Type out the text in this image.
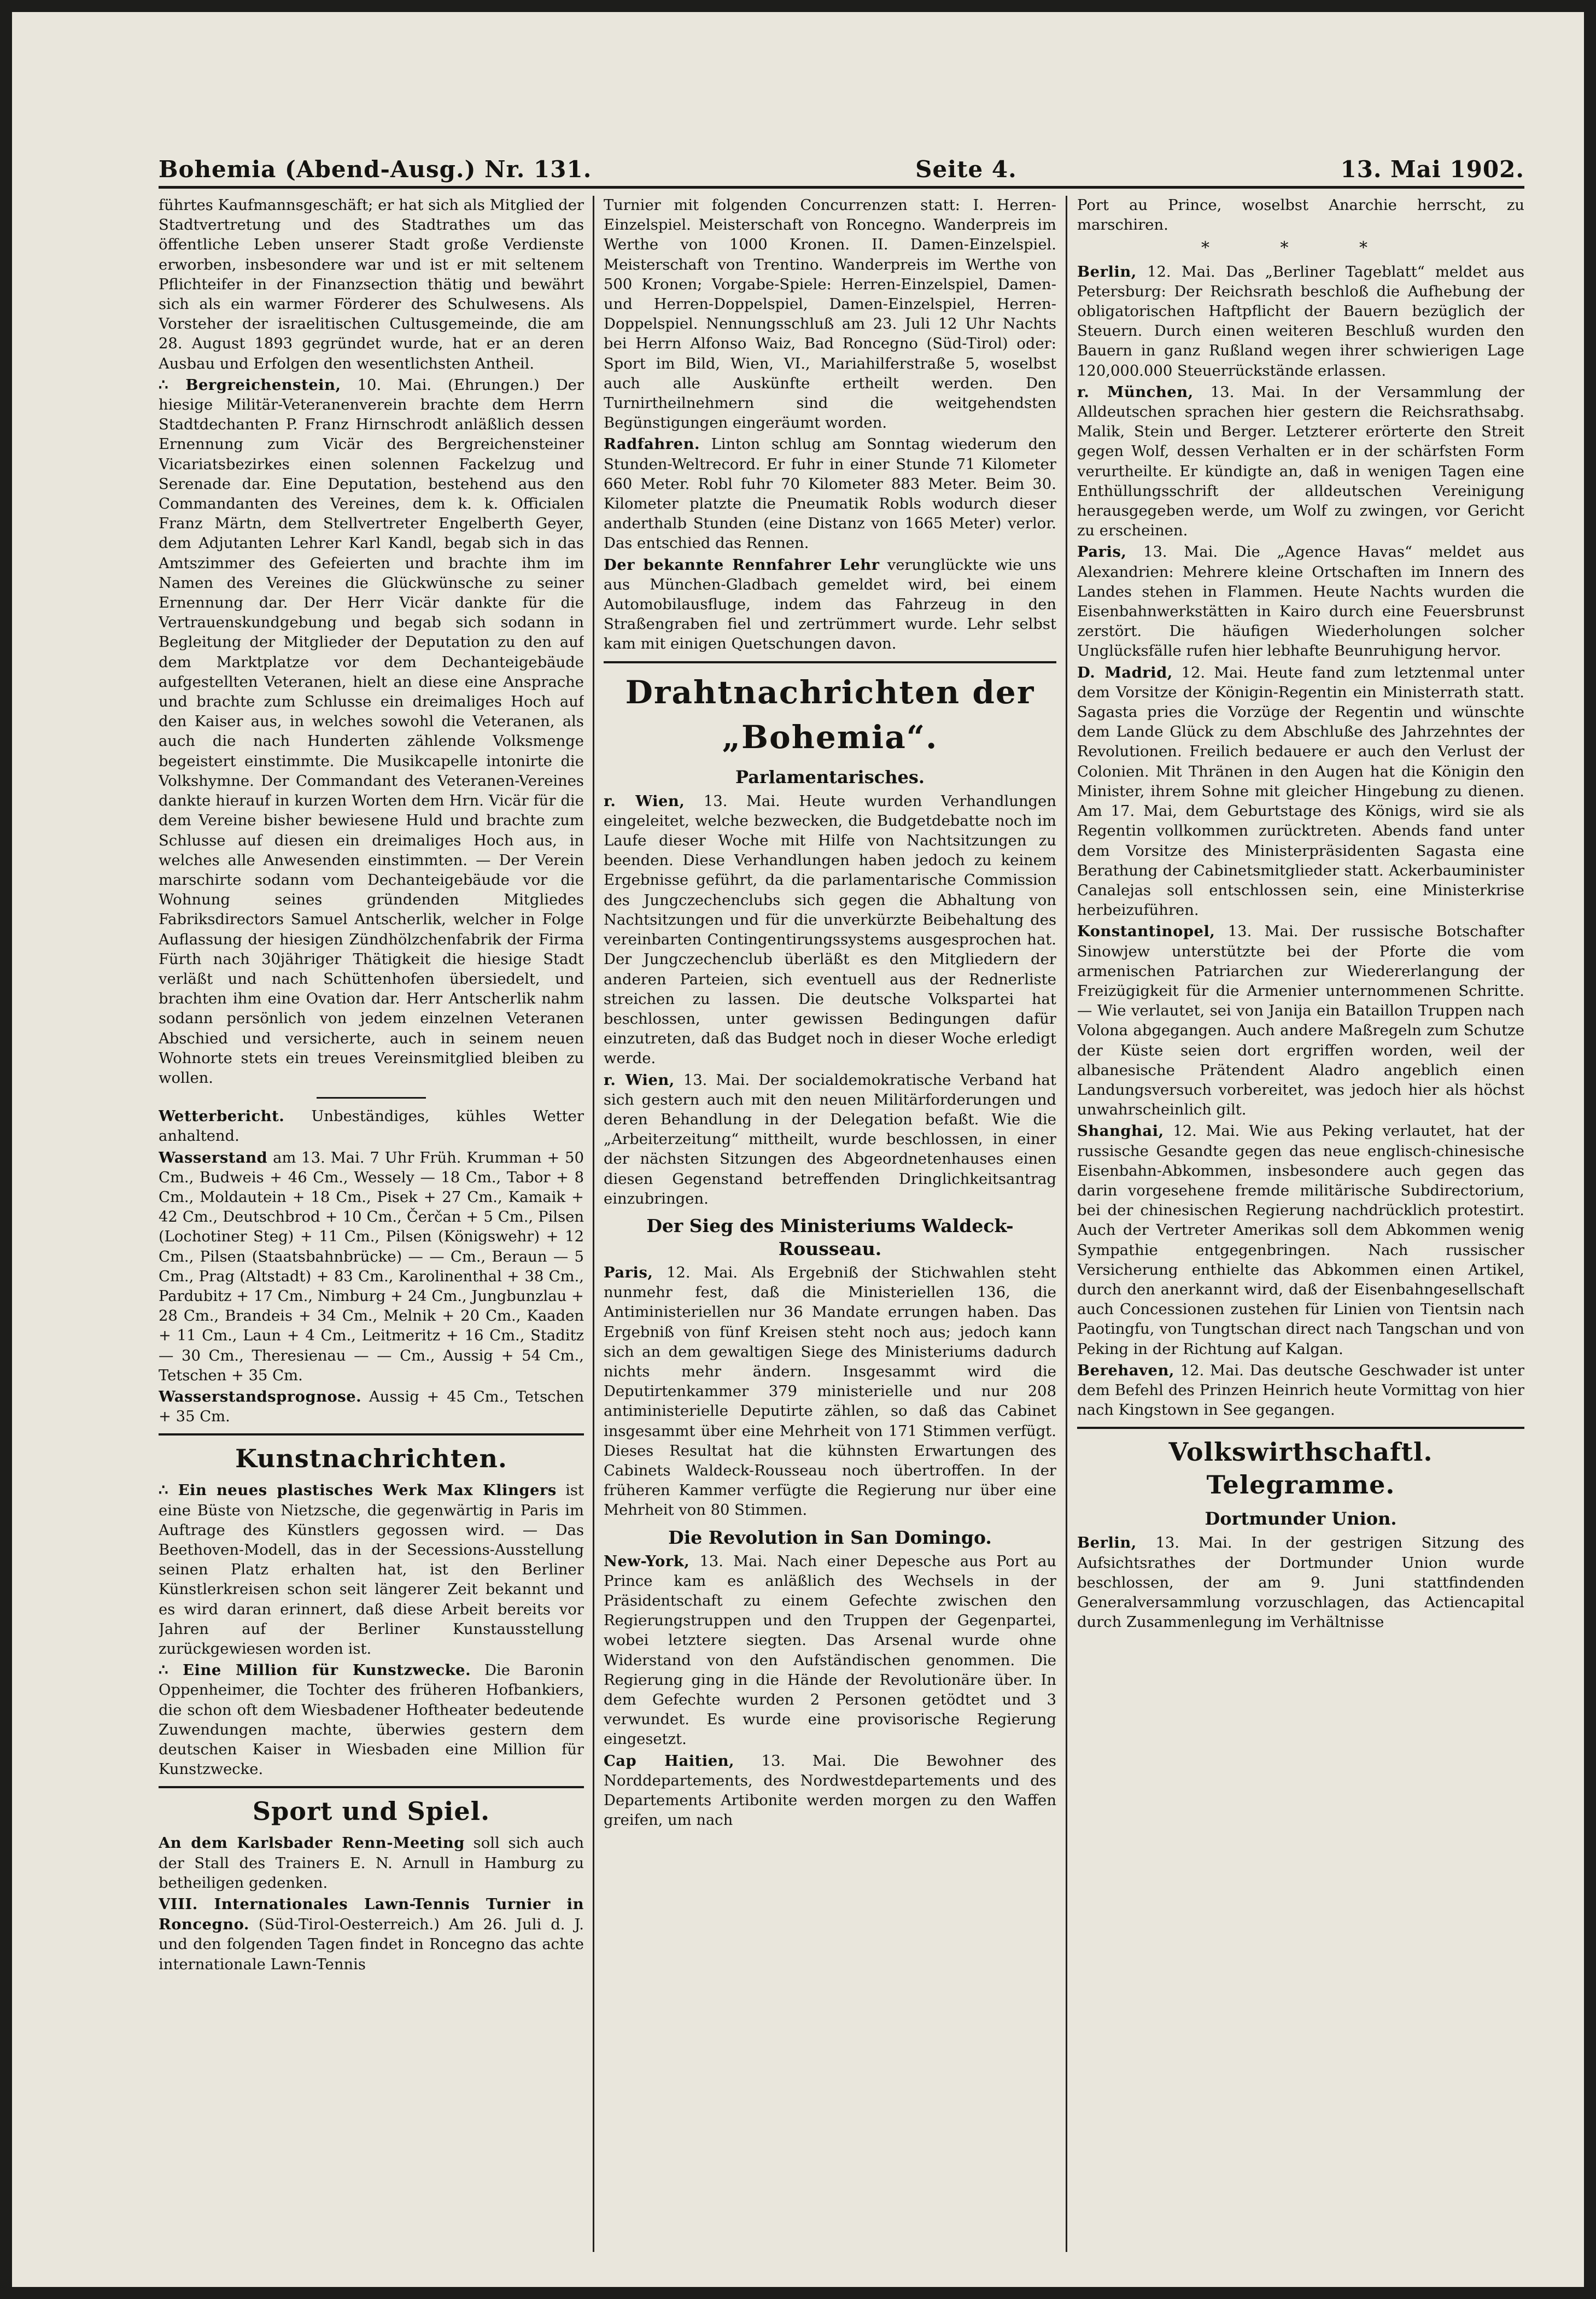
Bohemia (Abend-Ausg.) Nr. 131.	Seite 4.	13. Mai 1902.

führtes Kaufmannsgeschäft; er hat sich als Mitglied der Stadtvertretung und des Stadtrathes um das öffentliche Leben unserer Stadt große Verdienste erworben, insbesondere war und ist er mit seltenem Pflichteifer in der Finanzsection thätig und bewährt sich als ein warmer Förderer des Schulwesens. Als Vorsteher der israelitischen Cultusgemeinde, die am 28. August 1893 gegründet wurde, hat er an deren Ausbau und Erfolgen den wesentlichsten Antheil.

∴ Bergreichenstein, 10. Mai. (Ehrungen.) Der hiesige Militär-Veteranenverein brachte dem Herrn Stadtdechanten P. Franz Hirnschrodt anläßlich dessen Ernennung zum Vicär des Bergreichensteiner Vicariatsbezirkes einen solennen Fackelzug und Serenade dar. Eine Deputation, bestehend aus den Commandanten des Vereines, dem k. k. Officialen Franz Märtn, dem Stellvertreter Engelberth Geyer, dem Adjutanten Lehrer Karl Kandl, begab sich in das Amtszimmer des Gefeierten und brachte ihm im Namen des Vereines die Glückwünsche zu seiner Ernennung dar. Der Herr Vicär dankte für die Vertrauenskundgebung und begab sich sodann in Begleitung der Mitglieder der Deputation zu den auf dem Marktplatze vor dem Dechanteigebäude aufgestellten Veteranen, hielt an diese eine Ansprache und brachte zum Schlusse ein dreimaliges Hoch auf den Kaiser aus, in welches sowohl die Veteranen, als auch die nach Hunderten zählende Volksmenge begeistert einstimmte. Die Musikcapelle intonirte die Volkshymne. Der Commandant des Veteranen-Vereines dankte hierauf in kurzen Worten dem Hrn. Vicär für die dem Vereine bisher bewiesene Huld und brachte zum Schlusse auf diesen ein dreimaliges Hoch aus, in welches alle Anwesenden einstimmten. — Der Verein marschirte sodann vom Dechanteigebäude vor die Wohnung seines gründenden Mitgliedes Fabriksdirectors Samuel Antscherlik, welcher in Folge Auflassung der hiesigen Zündhölzchenfabrik der Firma Fürth nach 30jähriger Thätigkeit die hiesige Stadt verläßt und nach Schüttenhofen übersiedelt, und brachten ihm eine Ovation dar. Herr Antscherlik nahm sodann persönlich von jedem einzelnen Veteranen Abschied und versicherte, auch in seinem neuen Wohnorte stets ein treues Vereinsmitglied bleiben zu wollen.

Wetterbericht. Unbeständiges, kühles Wetter anhaltend.

Wasserstand am 13. Mai. 7 Uhr Früh. Krumman + 50 Cm., Budweis + 46 Cm., Wessely — 18 Cm., Tabor + 8 Cm., Moldautein + 18 Cm., Pisek + 27 Cm., Kamaik + 42 Cm., Deutschbrod + 10 Cm., Čerčan + 5 Cm., Pilsen (Lochotiner Steg) + 11 Cm., Pilsen (Königswehr) + 12 Cm., Pilsen (Staatsbahnbrücke) — — Cm., Beraun — 5 Cm., Prag (Altstadt) + 83 Cm., Karolinenthal + 38 Cm., Pardubitz + 17 Cm., Nimburg + 24 Cm., Jungbunzlau + 28 Cm., Brandeis + 34 Cm., Melnik + 20 Cm., Kaaden + 11 Cm., Laun + 4 Cm., Leitmeritz + 16 Cm., Staditz — 30 Cm., Theresienau — — Cm., Aussig + 54 Cm., Tetschen + 35 Cm.

Wasserstandsprognose. Aussig + 45 Cm., Tetschen + 35 Cm.

Kunstnachrichten.

∴ Ein neues plastisches Werk Max Klingers ist eine Büste von Nietzsche, die gegenwärtig in Paris im Auftrage des Künstlers gegossen wird. — Das Beethoven-Modell, das in der Secessions-Ausstellung seinen Platz erhalten hat, ist den Berliner Künstlerkreisen schon seit längerer Zeit bekannt und es wird daran erinnert, daß diese Arbeit bereits vor Jahren auf der Berliner Kunstausstellung zurückgewiesen worden ist.

∴ Eine Million für Kunstzwecke. Die Baronin Oppenheimer, die Tochter des früheren Hofbankiers, die schon oft dem Wiesbadener Hoftheater bedeutende Zuwendungen machte, überwies gestern dem deutschen Kaiser in Wiesbaden eine Million für Kunstzwecke.

Sport und Spiel.

An dem Karlsbader Renn-Meeting soll sich auch der Stall des Trainers E. N. Arnull in Hamburg zu betheiligen gedenken.

VIII. Internationales Lawn-Tennis Turnier in Roncegno. (Süd-Tirol-Oesterreich.) Am 26. Juli d. J. und den folgenden Tagen findet in Roncegno das achte internationale Lawn-Tennis

Turnier mit folgenden Concurrenzen statt: I. Herren-Einzelspiel. Meisterschaft von Roncegno. Wanderpreis im Werthe von 1000 Kronen. II. Damen-Einzelspiel. Meisterschaft von Trentino. Wanderpreis im Werthe von 500 Kronen; Vorgabe-Spiele: Herren-Einzelspiel, Damen- und Herren-Doppelspiel, Damen-Einzelspiel, Herren-Doppelspiel. Nennungsschluß am 23. Juli 12 Uhr Nachts bei Herrn Alfonso Waiz, Bad Roncegno (Süd-Tirol) oder: Sport im Bild, Wien, VI., Mariahilferstraße 5, woselbst auch alle Auskünfte ertheilt werden. Den Turnirtheilnehmern sind die weitgehendsten Begünstigungen eingeräumt worden.

Radfahren. Linton schlug am Sonntag wiederum den Stunden-Weltrecord. Er fuhr in einer Stunde 71 Kilometer 660 Meter. Robl fuhr 70 Kilometer 883 Meter. Beim 30. Kilometer platzte die Pneumatik Robls wodurch dieser anderthalb Stunden (eine Distanz von 1665 Meter) verlor. Das entschied das Rennen.

Der bekannte Rennfahrer Lehr verunglückte wie uns aus München-Gladbach gemeldet wird, bei einem Automobilausfluge, indem das Fahrzeug in den Straßengraben fiel und zertrümmert wurde. Lehr selbst kam mit einigen Quetschungen davon.

Drahtnachrichten der „Bohemia“.
Parlamentarisches.

r. Wien, 13. Mai. Heute wurden Verhandlungen eingeleitet, welche bezwecken, die Budgetdebatte noch im Laufe dieser Woche mit Hilfe von Nachtsitzungen zu beenden. Diese Verhandlungen haben jedoch zu keinem Ergebnisse geführt, da die parlamentarische Commission des Jungczechenclubs sich gegen die Abhaltung von Nachtsitzungen und für die unverkürzte Beibehaltung des vereinbarten Contingentirungssystems ausgesprochen hat. Der Jungczechenclub überläßt es den Mitgliedern der anderen Parteien, sich eventuell aus der Rednerliste streichen zu lassen. Die deutsche Volkspartei hat beschlossen, unter gewissen Bedingungen dafür einzutreten, daß das Budget noch in dieser Woche erledigt werde.

r. Wien, 13. Mai. Der socialdemokratische Verband hat sich gestern auch mit den neuen Militärforderungen und deren Behandlung in der Delegation befaßt. Wie die „Arbeiterzeitung“ mittheilt, wurde beschlossen, in einer der nächsten Sitzungen des Abgeordnetenhauses einen diesen Gegenstand betreffenden Dringlichkeitsantrag einzubringen.

Der Sieg des Ministeriums Waldeck-Rousseau.

Paris, 12. Mai. Als Ergebniß der Stichwahlen steht nunmehr fest, daß die Ministeriellen 136, die Antiministeriellen nur 36 Mandate errungen haben. Das Ergebniß von fünf Kreisen steht noch aus; jedoch kann sich an dem gewaltigen Siege des Ministeriums dadurch nichts mehr ändern. Insgesammt wird die Deputirtenkammer 379 ministerielle und nur 208 antiministerielle Deputirte zählen, so daß das Cabinet insgesammt über eine Mehrheit von 171 Stimmen verfügt. Dieses Resultat hat die kühnsten Erwartungen des Cabinets Waldeck-Rousseau noch übertroffen. In der früheren Kammer verfügte die Regierung nur über eine Mehrheit von 80 Stimmen.

Die Revolution in San Domingo.

New-York, 13. Mai. Nach einer Depesche aus Port au Prince kam es anläßlich des Wechsels in der Präsidentschaft zu einem Gefechte zwischen den Regierungstruppen und den Truppen der Gegenpartei, wobei letztere siegten. Das Arsenal wurde ohne Widerstand von den Aufständischen genommen. Die Regierung ging in die Hände der Revolutionäre über. In dem Gefechte wurden 2 Personen getödtet und 3 verwundet. Es wurde eine provisorische Regierung eingesetzt.

Cap Haitien, 13. Mai. Die Bewohner des Norddepartements, des Nordwestdepartements und des Departements Artibonite werden morgen zu den Waffen greifen, um nach

Port au Prince, woselbst Anarchie herrscht, zu marschiren.

* * *

Berlin, 12. Mai. Das „Berliner Tageblatt“ meldet aus Petersburg: Der Reichsrath beschloß die Aufhebung der obligatorischen Haftpflicht der Bauern bezüglich der Steuern. Durch einen weiteren Beschluß wurden den Bauern in ganz Rußland wegen ihrer schwierigen Lage 120,000.000 Steuerrückstände erlassen.

r. München, 13. Mai. In der Versammlung der Alldeutschen sprachen hier gestern die Reichsrathsabg. Malik, Stein und Berger. Letzterer erörterte den Streit gegen Wolf, dessen Verhalten er in der schärfsten Form verurtheilte. Er kündigte an, daß in wenigen Tagen eine Enthüllungsschrift der alldeutschen Vereinigung herausgegeben werde, um Wolf zu zwingen, vor Gericht zu erscheinen.

Paris, 13. Mai. Die „Agence Havas“ meldet aus Alexandrien: Mehrere kleine Ortschaften im Innern des Landes stehen in Flammen. Heute Nachts wurden die Eisenbahnwerkstätten in Kairo durch eine Feuersbrunst zerstört. Die häufigen Wiederholungen solcher Unglücksfälle rufen hier lebhafte Beunruhigung hervor.

D. Madrid, 12. Mai. Heute fand zum letztenmal unter dem Vorsitze der Königin-Regentin ein Ministerrath statt. Sagasta pries die Vorzüge der Regentin und wünschte dem Lande Glück zu dem Abschluße des Jahrzehntes der Revolutionen. Freilich bedauere er auch den Verlust der Colonien. Mit Thränen in den Augen hat die Königin den Minister, ihrem Sohne mit gleicher Hingebung zu dienen. Am 17. Mai, dem Geburtstage des Königs, wird sie als Regentin vollkommen zurücktreten. Abends fand unter dem Vorsitze des Ministerpräsidenten Sagasta eine Berathung der Cabinetsmitglieder statt. Ackerbauminister Canalejas soll entschlossen sein, eine Ministerkrise herbeizuführen.

Konstantinopel, 13. Mai. Der russische Botschafter Sinowjew unterstützte bei der Pforte die vom armenischen Patriarchen zur Wiedererlangung der Freizügigkeit für die Armenier unternommenen Schritte. — Wie verlautet, sei von Janija ein Bataillon Truppen nach Volona abgegangen. Auch andere Maßregeln zum Schutze der Küste seien dort ergriffen worden, weil der albanesische Prätendent Aladro angeblich einen Landungsversuch vorbereitet, was jedoch hier als höchst unwahrscheinlich gilt.

Shanghai, 12. Mai. Wie aus Peking verlautet, hat der russische Gesandte gegen das neue englisch-chinesische Eisenbahn-Abkommen, insbesondere auch gegen das darin vorgesehene fremde militärische Subdirectorium, bei der chinesischen Regierung nachdrücklich protestirt. Auch der Vertreter Amerikas soll dem Abkommen wenig Sympathie entgegenbringen. Nach russischer Versicherung enthielte das Abkommen einen Artikel, durch den anerkannt wird, daß der Eisenbahngesellschaft auch Concessionen zustehen für Linien von Tientsin nach Paotingfu, von Tungtschan direct nach Tangschan und von Peking in der Richtung auf Kalgan.

Berehaven, 12. Mai. Das deutsche Geschwader ist unter dem Befehl des Prinzen Heinrich heute Vormittag von hier nach Kingstown in See gegangen.

Volkswirthschaftl. Telegramme.
Dortmunder Union.

Berlin, 13. Mai. In der gestrigen Sitzung des Aufsichtsrathes der Dortmunder Union wurde beschlossen, der am 9. Juni stattfindenden Generalversammlung vorzuschlagen, das Actiencapital durch Zusammenlegung im Verhältnisse
